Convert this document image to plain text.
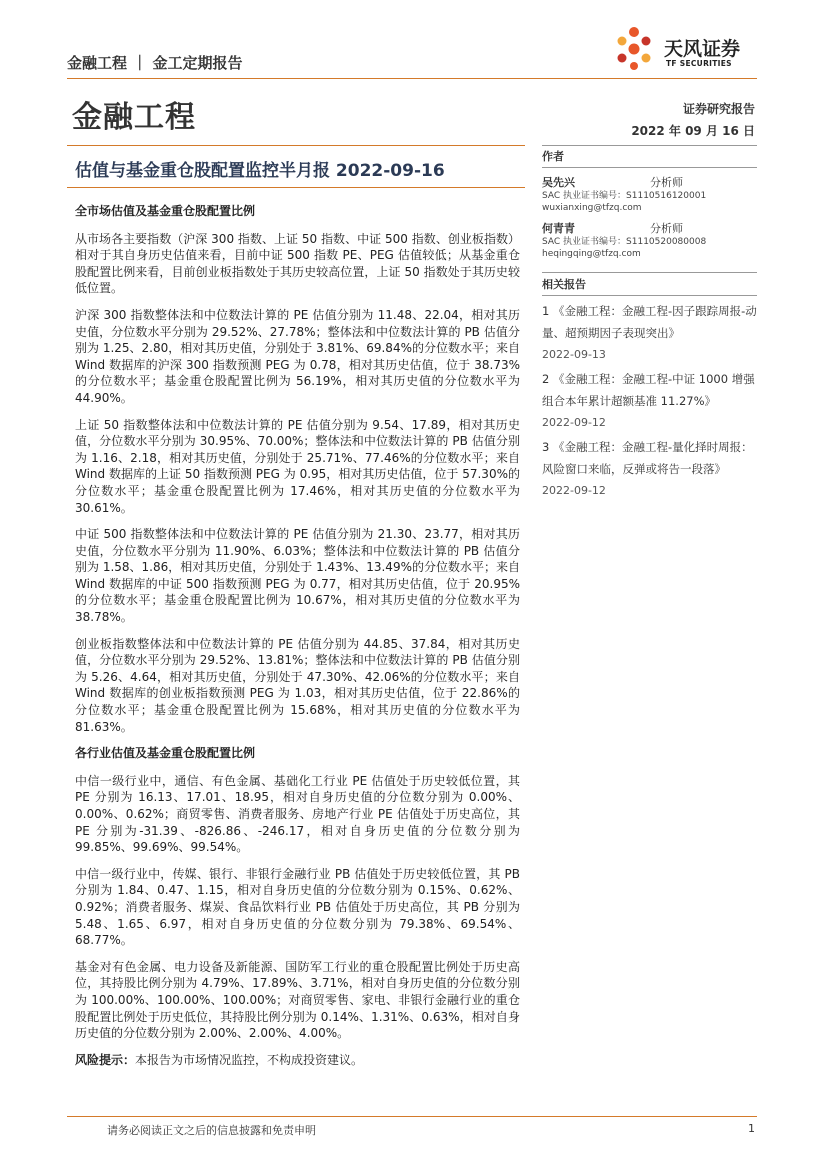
金融工程 ｜ 金工定期报告
天风证券
TF SECURITIES
金融工程	证券研究报告
2022 年 09 月 16 日
估值与基金重仓股配置监控半月报 2022-09-16
全市场估值及基金重仓股配置比例

从市场各主要指数（沪深 300 指数、上证 50 指数、中证 500 指数、创业板指数）相对于其自身历史估值来看，目前中证 500 指数 PE、PEG 估值较低；从基金重仓股配置比例来看，目前创业板指数处于其历史较高位置，上证 50 指数处于其历史较低位置。

沪深 300 指数整体法和中位数法计算的 PE 估值分别为 11.48、22.04，相对其历史值，分位数水平分别为 29.52%、27.78%；整体法和中位数法计算的 PB 估值分别为 1.25、2.80，相对其历史值，分别处于 3.81%、69.84%的分位数水平；来自 Wind 数据库的沪深 300 指数预测 PEG 为 0.78，相对其历史估值，位于 38.73%的分位数水平；基金重仓股配置比例为 56.19%，相对其历史值的分位数水平为 44.90%。

上证 50 指数整体法和中位数法计算的 PE 估值分别为 9.54、17.89，相对其历史值，分位数水平分别为 30.95%、70.00%；整体法和中位数法计算的 PB 估值分别为 1.16、2.18，相对其历史值，分别处于 25.71%、77.46%的分位数水平；来自 Wind 数据库的上证 50 指数预测 PEG 为 0.95，相对其历史估值，位于 57.30%的分位数水平；基金重仓股配置比例为 17.46%，相对其历史值的分位数水平为 30.61%。

中证 500 指数整体法和中位数法计算的 PE 估值分别为 21.30、23.77，相对其历史值，分位数水平分别为 11.90%、6.03%；整体法和中位数法计算的 PB 估值分别为 1.58、1.86，相对其历史值，分别处于 1.43%、13.49%的分位数水平；来自 Wind 数据库的中证 500 指数预测 PEG 为 0.77，相对其历史估值，位于 20.95%的分位数水平；基金重仓股配置比例为 10.67%，相对其历史值的分位数水平为 38.78%。

创业板指数整体法和中位数法计算的 PE 估值分别为 44.85、37.84，相对其历史值，分位数水平分别为 29.52%、13.81%；整体法和中位数法计算的 PB 估值分别为 5.26、4.64，相对其历史值，分别处于 47.30%、42.06%的分位数水平；来自 Wind 数据库的创业板指数预测 PEG 为 1.03，相对其历史估值，位于 22.86%的分位数水平；基金重仓股配置比例为 15.68%，相对其历史值的分位数水平为 81.63%。

各行业估值及基金重仓股配置比例

中信一级行业中，通信、有色金属、基础化工行业 PE 估值处于历史较低位置，其 PE 分别为 16.13、17.01、18.95，相对自身历史值的分位数分别为 0.00%、0.00%、0.62%；商贸零售、消费者服务、房地产行业 PE 估值处于历史高位，其 PE 分别为-31.39、-826.86、-246.17，相对自身历史值的分位数分别为 99.85%、99.69%、99.54%。

中信一级行业中，传媒、银行、非银行金融行业 PB 估值处于历史较低位置，其 PB 分别为 1.84、0.47、1.15，相对自身历史值的分位数分别为 0.15%、0.62%、0.92%；消费者服务、煤炭、食品饮料行业 PB 估值处于历史高位，其 PB 分别为 5.48、1.65、6.97，相对自身历史值的分位数分别为 79.38%、69.54%、68.77%。

基金对有色金属、电力设备及新能源、国防军工行业的重仓股配置比例处于历史高位，其持股比例分别为 4.79%、17.89%、3.71%，相对自身历史值的分位数分别为 100.00%、100.00%、100.00%；对商贸零售、家电、非银行金融行业的重仓股配置比例处于历史低位，其持股比例分别为 0.14%、1.31%、0.63%，相对自身历史值的分位数分别为 2.00%、2.00%、4.00%。

风险提示：本报告为市场情况监控，不构成投资建议。

作者
吴先兴	分析师
SAC 执业证书编号：S1110516120001
wuxianxing@tfzq.com
何青青	分析师
SAC 执业证书编号：S1110520080008
heqingqing@tfzq.com
相关报告
1 《金融工程：金融工程-因子跟踪周报-动量、超预期因子表现突出》
2022-09-13
2 《金融工程：金融工程-中证 1000 增强组合本年累计超额基准 11.27%》
2022-09-12
3 《金融工程：金融工程-量化择时周报：风险窗口来临，反弹或将告一段落》
2022-09-12
请务必阅读正文之后的信息披露和免责申明	1
